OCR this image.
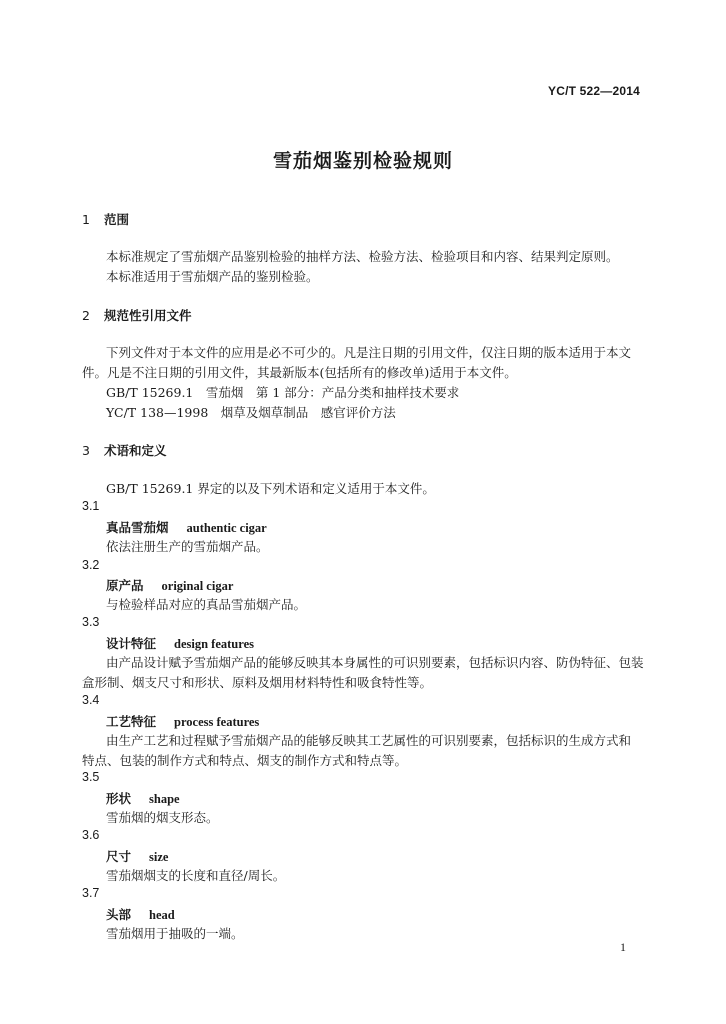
YC/T 522—2014
雪茄烟鉴别检验规则
1 范围
本标准规定了雪茄烟产品鉴别检验的抽样方法、检验方法、检验项目和内容、结果判定原则。
本标准适用于雪茄烟产品的鉴别检验。
2 规范性引用文件
下列文件对于本文件的应用是必不可少的。凡是注日期的引用文件，仅注日期的版本适用于本文
件。凡是不注日期的引用文件，其最新版本(包括所有的修改单)适用于本文件。
GB/T 15269.1　雪茄烟　第 1 部分：产品分类和抽样技术要求
YC/T 138—1998　烟草及烟草制品　感官评价方法
3 术语和定义
GB/T 15269.1 界定的以及下列术语和定义适用于本文件。
3.1
真品雪茄烟 authentic cigar
依法注册生产的雪茄烟产品。
3.2
原产品 original cigar
与检验样品对应的真品雪茄烟产品。
3.3
设计特征 design features
由产品设计赋予雪茄烟产品的能够反映其本身属性的可识别要素，包括标识内容、防伪特征、包装
盒形制、烟支尺寸和形状、原料及烟用材料特性和吸食特性等。
3.4
工艺特征 process features
由生产工艺和过程赋予雪茄烟产品的能够反映其工艺属性的可识别要素，包括标识的生成方式和
特点、包装的制作方式和特点、烟支的制作方式和特点等。
3.5
形状 shape
雪茄烟的烟支形态。
3.6
尺寸 size
雪茄烟烟支的长度和直径/周长。
3.7
头部 head
雪茄烟用于抽吸的一端。
1
